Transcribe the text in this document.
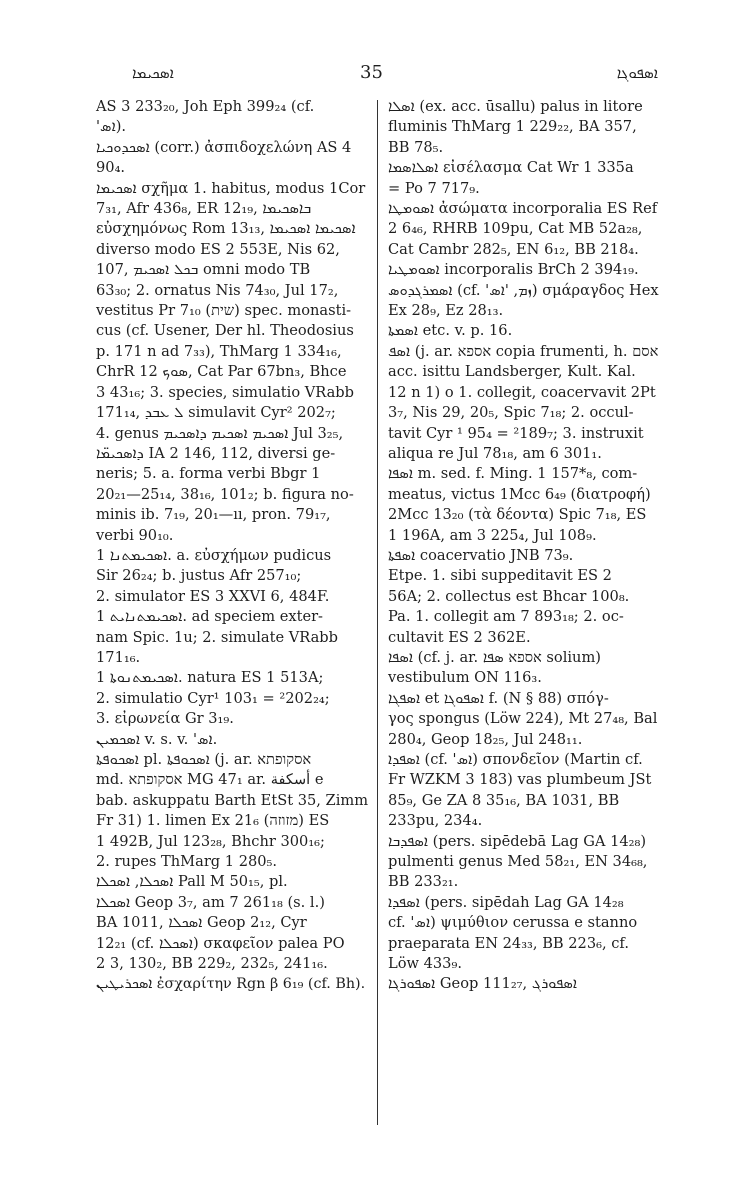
ܐܣܟܝܡܐ	35	ܐܣܦܘܓܐ
AS 3 233₂₀, Joh Eph 399₂₄ (cf.
'ܐܣ).
ܐܣܟܕܘܟܝܐ (corr.) ἀσπιδοχελώνη AS 4
90₄.
ܐܣܟܝܡܐ σχῆμα 1. habitus, modus 1Cor
7₃₁, Afr 436₈, ER 12₁₉, ܒܐܣܟܝܡܐ
εὐσχημόνως Rom 13₁₃, ܐܣܟܝܡܐ ܐܣܟܝܡܐ
diverso modo ES 2 553E, Nis 62,
107, ܒܟܠ ܐܣܟܝܡ omni modo TB
63₃₀; 2. ornatus Nis 74₃₀, Jul 17₂,
vestitus Pr 7₁₀ (שית) spec. monasti-
cus (cf. Usener, Der hl. Theodosius
p. 171 n ad 7₃₃), ThMarg 1 334₁₆,
ChrR ܣܘܟ 12, Cat Par 67bn₃, Bhce
3 43₁₆; 3. species, simulatio VRabb
171₁₄, ܠ ܥܒܕ simulavit Cyr² 202₇;
4. genus ܐܣܟܝܡ ܐܣܟܝܡ ܕܐܣܟܝܡ Jul 3₂₅,
ܕܐܣܟܝܡ̈ܐ IA 2 146, 112, diversi ge-
neris; 5. a. forma verbi Bbgr 1
20₂₁—25₁₄, 38₁₆, 101₂; b. figura no-
minis ib. 7₁₉, 20₁—ıı, pron. 79₁₇,
verbi 90₁₀.
ܐܣܟܝܡܬܢܐ 1. a. εὐσχήμων pudicus
Sir 26₂₄; b. justus Afr 257₁₀;
2. simulator ES 3 XXVI 6, 484F.
ܐܣܟܝܡܬܢܐܝܬ 1. ad speciem exter-
nam Spic. 1u; 2. simulate VRabb
171₁₆.
ܐܣܟܝܡܬܢܘܬܐ 1. natura ES 1 513A;
2. simulatio Cyr¹ 103₁ = ²202₂₄;
3. εἰρωνεία Gr 3₁₉.
ܐܣܟܡܝܢ v. s. v. 'ܐܣ.
ܐܣܟܘܦܬܐ pl. ܐܣܟܘܦܬܐ (j. ar. אסקופתא
md. אסקופתא MG 47₁ ar. أسكفة e
bab. askuppatu Barth EtSt 35, Zimm
Fr 31) 1. limen Ex 21₆ (מזוזה) ES
1 492B, Jul 123₂₈, Bhchr 300₁₆;
2. rupes ThMarg 1 280₅.
ܐܣܟܠܐ, ܐܣܟܠܐ Pall M 50₁₅, pl.
ܐܣܟܠܐ Geop 3₇, am 7 261₁₈ (s. l.)
BA 1011, ܐܣܟܠܐ Geop 2₁₂, Cyr
12₂₁ (cf. ܐܣܟܠܐ) σκαφεῖον palea PO
2 3, 130₂, BB 229₂, 232₅, 241₁₆.
ܐܣܟܪܝܛܝܢ ἐσχαρίτην Rgn β 6₁₉ (cf. Bh).
ܐܣܠܐ (ex. acc. ūsallu) palus in litore
fluminis ThMarg 1 229₂₂, BA 357,
BB 78₅.
ܐܣܠܐܣܡܐ εἰσέλασμα Cat Wr 1 335a
= Po 7 717₉.
ܐܣܘܡܛܐ ἀσώματα incorporalia ES Ref
2 6₄₆, RHRB 109pu, Cat MB 52a₂₈,
Cat Cambr 282₅, EN 6₁₂, BB 218₄.
ܐܣܘܡܛܝܐ incorporalis BrCh 2 394₁₉.
ܐܣܡܪܓܕܘܣ (cf. 'ܙܡ, 'ܐܣ) σμάραγδος Hex
Ex 28₉, Ez 28₁₃.
ܐܣܡܬܐ etc. v. p. 16.
ܐܣܦ (j. ar. אספא copia frumenti, h. אסם
acc. isittu Landsberger, Kult. Kal.
12 n 1) o 1. collegit, coacervavit 2Pt
3₇, Nis 29, 20₅, Spic 7₁₈; 2. occul-
tavit Cyr ¹ 95₄ = ²189₇; 3. instruxit
aliqua re Jul 78₁₈, am 6 301₁.
ܐܣܦܐ m. sed. f. Ming. 1 157*₈, com-
meatus, victus 1Mcc 6₄₉ (διατροφή)
2Mcc 13₂₀ (τὰ δέοντα) Spic 7₁₈, ES
1 196A, am 3 225₄, Jul 108₉.
ܐܣܦܬܐ coacervatio JNB 73₉.
Etpe. 1. sibi suppeditavit ES 2
56A; 2. collectus est Bhcar 100₈.
Pa. 1. collegit am 7 893₁₈; 2. oc-
cultavit ES 2 362E.
ܐܣܦܐ (cf. j. ar. אספא ܣܦܐ solium)
vestibulum ON 116₃.
ܐܣܦܓܐ et ܐܣܦܘܓܐ f. (N § 88) σπόγ-
γος spongus (Löw 224), Mt 27₄₈, Bal
280₄, Geop 18₂₅, Jul 248₁₁.
ܐܣܦܕܐ (cf. 'ܐܣ) σπονδεῖον (Martin cf.
Fr WZKM 3 183) vas plumbeum JSt
85₉, Ge ZA 8 35₁₆, BA 1031, BB
233pu, 234₄.
ܐܣܦܕܒܐ (pers. sipēdebā Lag GA 14₂₈)
pulmenti genus Med 58₂₁, EN 34₆₈,
BB 233₂₁.
ܐܣܦܕܐ (pers. sipēdah Lag GA 14₂₈
cf. 'ܐܣ) ψιμύθιον cerussa e stanno
praeparata EN 24₃₃, BB 223₆, cf.
Löw 433₉.
ܐܣܦܘܪܓܐ Geop 111₂₇, ܐܣܦܘܪܓ
